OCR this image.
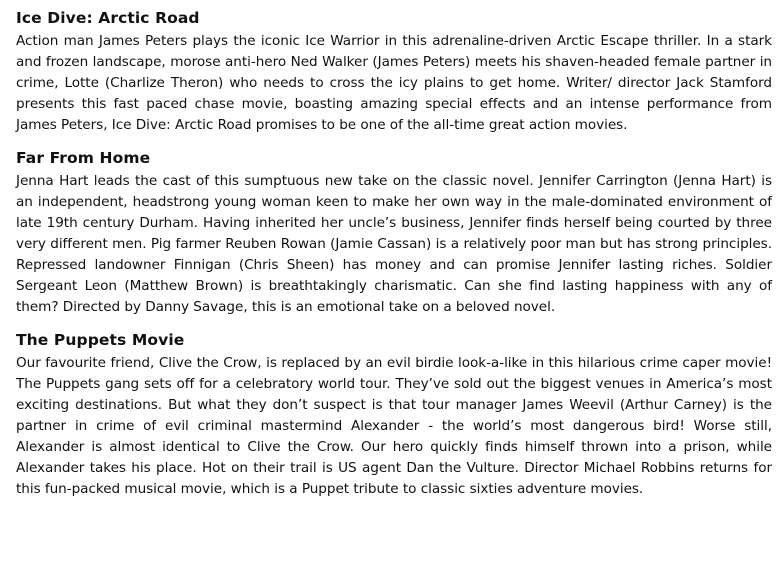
Ice Dive: Arctic Road

Action man James Peters plays the iconic Ice Warrior in this adrenaline-driven Arctic Escape thriller. In a stark and frozen landscape, morose anti-hero Ned Walker (James Peters) meets his shaven-headed female partner in crime, Lotte (Charlize Theron) who needs to cross the icy plains to get home. Writer/ director Jack Stamford presents this fast paced chase movie, boasting amazing special effects and an intense performance from James Peters, Ice Dive: Arctic Road promises to be one of the all-time great action movies.

Far From Home

Jenna Hart leads the cast of this sumptuous new take on the classic novel. Jennifer Carrington (Jenna Hart) is an independent, headstrong young woman keen to make her own way in the male-dominated environment of late 19th century Durham. Having inherited her uncle’s business, Jennifer finds herself being courted by three very different men. Pig farmer Reuben Rowan (Jamie Cassan) is a relatively poor man but has strong principles. Repressed landowner Finnigan (Chris Sheen) has money and can promise Jennifer lasting riches. Soldier Sergeant Leon (Matthew Brown) is breathtakingly charismatic. Can she find lasting happiness with any of them? Directed by Danny Savage, this is an emotional take on a beloved novel.

The Puppets Movie

Our favourite friend, Clive the Crow, is replaced by an evil birdie look-a-like in this hilarious crime caper movie! The Puppets gang sets off for a celebratory world tour. They’ve sold out the biggest venues in America’s most exciting destinations. But what they don’t suspect is that tour manager James Weevil (Arthur Carney) is the partner in crime of evil criminal mastermind Alexander - the world’s most dangerous bird! Worse still, Alexander is almost identical to Clive the Crow. Our hero quickly finds himself thrown into a prison, while Alexander takes his place. Hot on their trail is US agent Dan the Vulture. Director Michael Robbins returns for this fun-packed musical movie, which is a Puppet tribute to classic sixties adventure movies.
